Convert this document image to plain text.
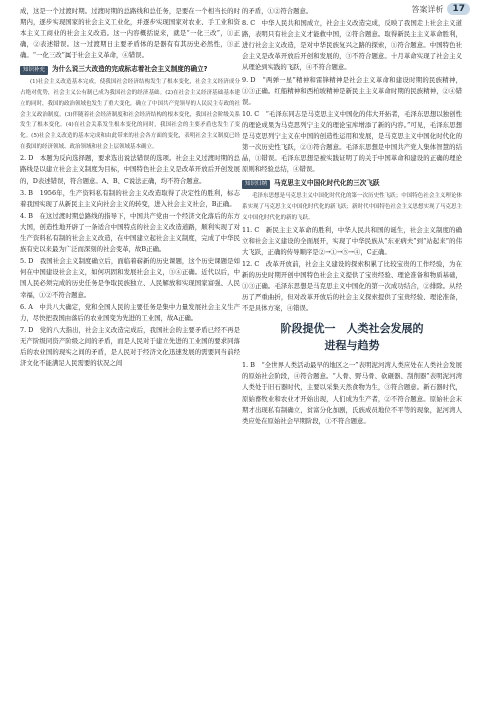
答案详析	17

成，这是一个过渡时期。过渡时期的总路线和总任务，是要在一个相当长的时期内，逐步实现国家的社会主义工业化，并逐步实现国家对农业、手工业和资本主义工商业的社会主义改造。这一内容概括说来，就是“一化三改”，①正确，②表述错误。这一过渡期日主要矛盾体的是器有有其历史必然性，③正确。“一化三改”属于社会主义革命，④错误。

知识补充 为什么说三大改造的完成标志着社会主义制度的确立?

(1)社会主义改造基本完成，使我国社会经济结构发生了根本变化，社会主义经济成分占绝对优势，社会主义公有制已成为我国社会的经济基础。(2)在社会主义经济基础基本建立的同时，我国的政治领域也发生了重大变化，确立了中国共产党领导的人民民主专政的社会主义政治制度。(3)伴随着社会经济制度和社会经济结构的根本变化，我国社会阶级关系发生了根本变化。(4)在社会关系发生根本变化的同时，我国社会的主要矛盾也发生了变化。(5)社会主义改造的基本完成和由此带来的社会各方面的变化，表明社会主义制度已经在我国的经济领域、政治领域和社会上层领域基本确立。

2. D　本题为反向选择题，要求选出说法错误的选项。社会主义过渡时期的总路线是以建立社会主义制度为目标，中国特色社会主义是改革开放后开创发展的，D表述错误，符合题意。A、B、C说法正确，均不符合题意。

3. B　1956年，生产资料私有制的社会主义改造取得了决定性的胜利，标志着我国实现了从新民主主义向社会主义的转变，进入社会主义社会，B正确。

4. B　在这过渡时期总路线的指导下，中国共产党由一个经济文化落后的东方大国，创造性地开辟了一条适合中国特点的社会主义改造道路，顺利实现了对生产资料私有制的社会主义改造，在中国建立起社会主义制度，完成了中华民族有史以来最为广泛而深刻的社会变革，故B正确。

5. D　我国社会主义制度确立后，面临着崭新的历史课题，这个历史课题是如何在中国建设社会主义，如何巩固和发展社会主义，③④正确。近代以后，中国人民必须完成的历史任务是争取民族独立、人民解放和实现国家富强、人民幸福，①②不符合题意。

6. A　中共八大确定，党和全国人民的主要任务是集中力量发展社会主义生产力，尽快把我国由落后的农业国变为先进的工业国，故A正确。

7. D　党的八大指出，社会主义改造完成后，我国社会的主要矛盾已经不再是无产阶级同资产阶级之间的矛盾，而是人民对于建立先进的工业国的要求同落后的农业国的现实之间的矛盾，是人民对于经济文化迅速发展的需要同当前经济文化不能满足人民需要的状况之间

的矛盾，①②符合题意。

8. C　中华人民共和国成立，社会主义改造完成，反映了我国走上社会主义道路，表明只有社会主义才能救中国，②符合题意。取得新民主主义革命胜利，进行社会主义改造，是对中华民族复兴之路的探索，①符合题意。中国特色社会主义是改革开放后开创和发展的，③不符合题意。十月革命实现了社会主义从理论到实践的飞跃，④不符合题意。

9. D　“两弹一星”精神和雷锋精神是社会主义革命和建设时期的民族精神，①③正确。红船精神和西柏坡精神是新民主主义革命时期的民族精神，②④错误。

10. C　“毛泽东同志是马克思主义中国化的伟大开拓者，毛泽东思想以独创性的理论成果为马克思列宁主义的理论宝库增添了新的内容。”可见，毛泽东思想是马克思列宁主义在中国的创造性运用和发展，是马克思主义中国化时代化的第一次历史性飞跃，②③符合题意。毛泽东思想是中国共产党人集体智慧的结晶，①错误。毛泽东思想是被实践证明了的关于中国革命和建设的正确的理论原则和经验总结，④错误。

知识归纳 马克思主义中国化时代化的三次飞跃

毛泽东思想是马克思主义中国化时代化的第一次历史性飞跃；中国特色社会主义理论体系实现了马克思主义中国化时代化的新飞跃；新时代中国特色社会主义思想实现了马克思主义中国化时代化的新的飞跃。

11. C　新民主主义革命的胜利，中华人民共和国的诞生，社会主义制度的确立和社会主义建设的全面展开，实现了中华民族从“东亚病夫”到“站起来”的伟大飞跃，正确的传导顺序是②→①→⑤→④，C正确。

12. C　改革开放前，社会主义建设的探索积累了比较宝贵的工作经验，为在新的历史时期开创中国特色社会主义提供了宝贵经验、理论准备和物质基础，①③正确。毛泽东思想是马克思主义中国化的第一次成功结合，②排除。从经历了严重曲折，但对改革开放后的社会主义探索提供了宝贵经验、理论准备，不是具体方案，④错误。

阶段提优一　人类社会发展的
进程与趋势

1. B　“全世界人类活动最早的地区之一”表明泥河湾人类应处在人类社会发展的原始社会阶段，④符合题意。“人骨、野马骨、砍砸器、刮削器”表明泥河湾人类处于旧石器时代，主要以采集天然食物为生，③符合题意。新石器时代，原始畜牧业和农业才开始出现，人们成为生产者，②不符合题意。原始社会末期才出现私有制确立，贫富分化加剧，氏族成员地位不平等的现象，泥河湾人类应处在原始社会早期阶段，①不符合题意。
